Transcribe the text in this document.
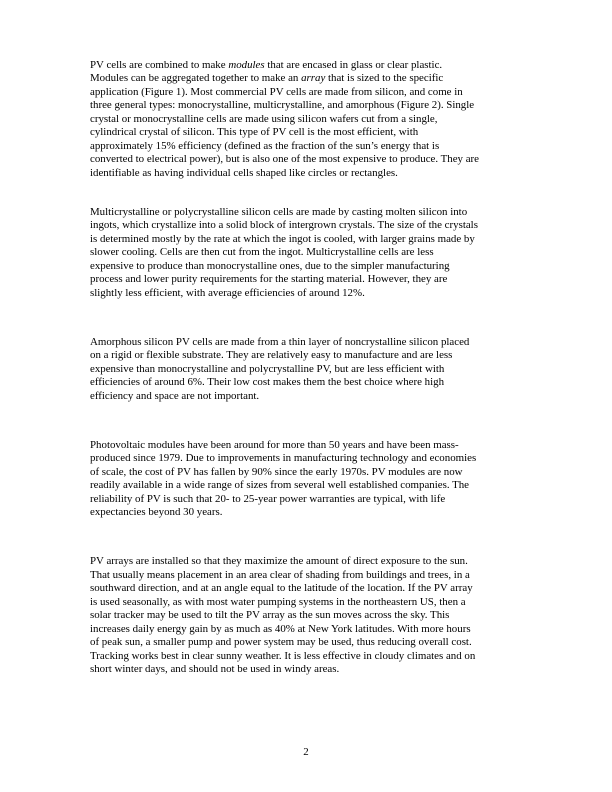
PV cells are combined to make modules that are encased in glass or clear plastic.
Modules can be aggregated together to make an array that is sized to the specific
application (Figure 1). Most commercial PV cells are made from silicon, and come in
three general types: monocrystalline, multicrystalline, and amorphous (Figure 2). Single
crystal or monocrystalline cells are made using silicon wafers cut from a single,
cylindrical crystal of silicon. This type of PV cell is the most efficient, with
approximately 15% efficiency (defined as the fraction of the sun’s energy that is
converted to electrical power), but is also one of the most expensive to produce. They are
identifiable as having individual cells shaped like circles or rectangles.

Multicrystalline or polycrystalline silicon cells are made by casting molten silicon into
ingots, which crystallize into a solid block of intergrown crystals. The size of the crystals
is determined mostly by the rate at which the ingot is cooled, with larger grains made by
slower cooling. Cells are then cut from the ingot. Multicrystalline cells are less
expensive to produce than monocrystalline ones, due to the simpler manufacturing
process and lower purity requirements for the starting material. However, they are
slightly less efficient, with average efficiencies of around 12%.

Amorphous silicon PV cells are made from a thin layer of noncrystalline silicon placed
on a rigid or flexible substrate. They are relatively easy to manufacture and are less
expensive than monocrystalline and polycrystalline PV, but are less efficient with
efficiencies of around 6%. Their low cost makes them the best choice where high
efficiency and space are not important.

Photovoltaic modules have been around for more than 50 years and have been mass-
produced since 1979. Due to improvements in manufacturing technology and economies
of scale, the cost of PV has fallen by 90% since the early 1970s. PV modules are now
readily available in a wide range of sizes from several well established companies. The
reliability of PV is such that 20- to 25-year power warranties are typical, with life
expectancies beyond 30 years.

PV arrays are installed so that they maximize the amount of direct exposure to the sun.
That usually means placement in an area clear of shading from buildings and trees, in a
southward direction, and at an angle equal to the latitude of the location. If the PV array
is used seasonally, as with most water pumping systems in the northeastern US, then a
solar tracker may be used to tilt the PV array as the sun moves across the sky. This
increases daily energy gain by as much as 40% at New York latitudes. With more hours
of peak sun, a smaller pump and power system may be used, thus reducing overall cost.
Tracking works best in clear sunny weather. It is less effective in cloudy climates and on
short winter days, and should not be used in windy areas.

2
